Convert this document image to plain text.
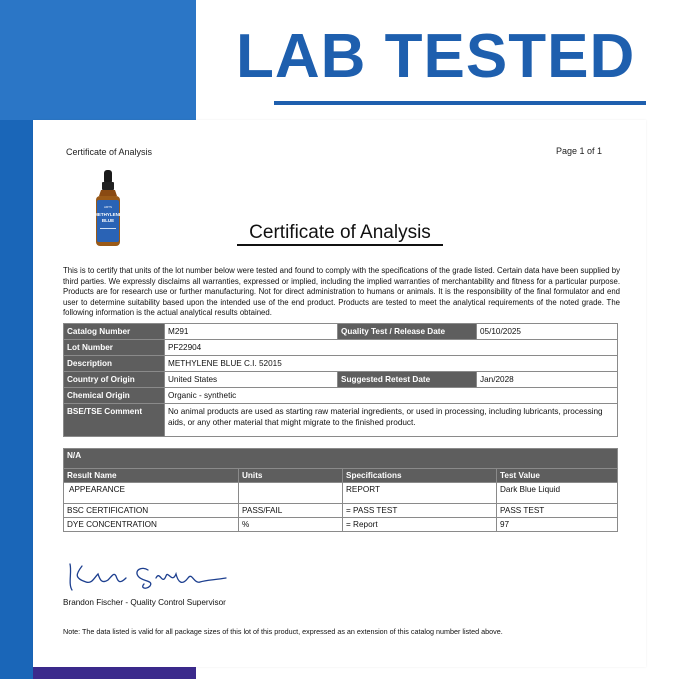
LAB TESTED
Certificate of Analysis	Page 1 of 1
ARTS
METHYLENE
BLUE
Certificate of Analysis
This is to certify that units of the lot number below were tested and found to comply with the specifications of the grade listed. Certain data have been supplied by third parties. We expressly disclaims all warranties, expressed or implied, including the implied warranties of merchantability and fitness for a particular purpose. Products are for research use or further manufacturing. Not for direct administration to humans or animals. It is the responsibility of the final formulator and end user to determine suitability based upon the intended use of the end product. Products are tested to meet the analytical requirements of the noted grade. The following information is the actual analytical results obtained.
Catalog Number	M291	Quality Test / Release Date	05/10/2025
Lot Number	PF22904		
Description	METHYLENE BLUE C.I. 52015		
Country of Origin	United States	Suggested Retest Date	Jan/2028
Chemical Origin	Organic - synthetic		
BSE/TSE Comment	No animal products are used as starting raw material ingredients, or used in processing, including lubricants, processing aids, or any other material that might migrate to the finished product.		
N/A			
Result Name	Units	Specifications	Test Value
APPEARANCE		REPORT	Dark Blue Liquid
BSC CERTIFICATION	PASS/FAIL	= PASS TEST	PASS TEST
DYE CONCENTRATION	%	= Report	97
Brandon Fischer - Quality Control Supervisor
Note: The data listed is valid for all package sizes of this lot of this product, expressed as an extension of this catalog number listed above.
